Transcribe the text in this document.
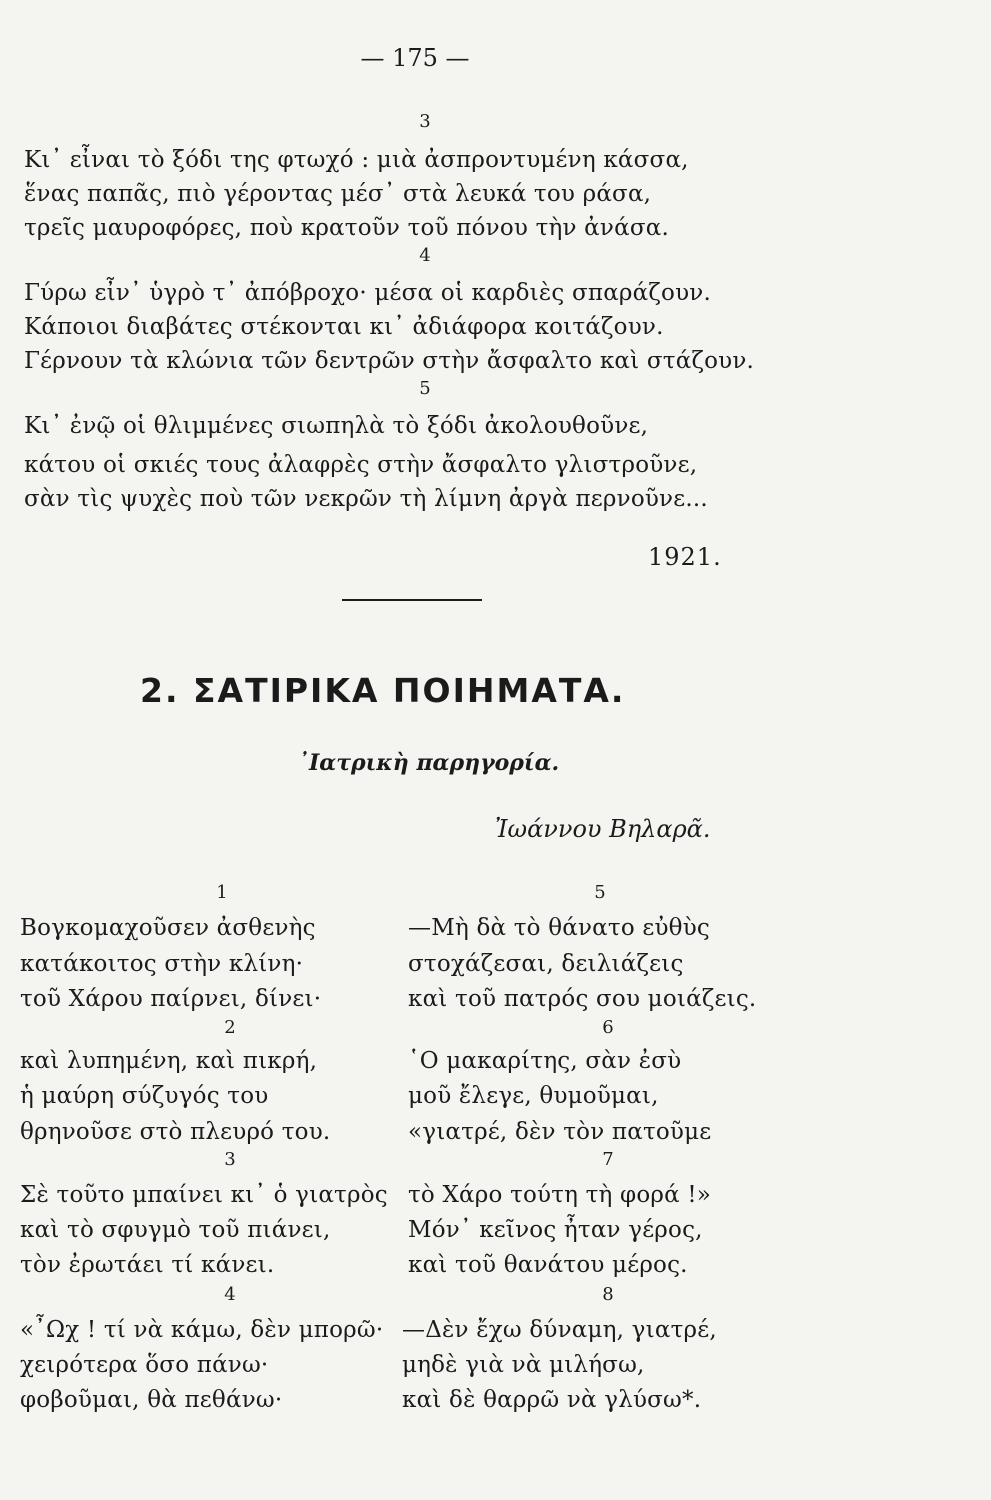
— 175 —
3
Κι᾿ εἶναι τὸ ξόδι της φτωχό : μιὰ ἀσπροντυμένη κάσσα,
ἕνας παπᾶς, πιὸ γέροντας μέσ᾿ στὰ λευκά του ράσα,
τρεῖς μαυροφόρες, ποὺ κρατοῦν τοῦ πόνου τὴν ἀνάσα.
4
Γύρω εἶν᾿ ὑγρὸ τ᾿ ἀπόβροχο· μέσα οἱ καρδιὲς σπαράζουν.
Κάποιοι διαβάτες στέκονται κι᾿ ἀδιάφορα κοιτάζουν.
Γέρνουν τὰ κλώνια τῶν δεντρῶν στὴν ἄσφαλτο καὶ στάζουν.
5
Κι᾿ ἐνῷ οἱ θλιμμένες σιωπηλὰ τὸ ξόδι ἀκολουθοῦνε,
κάτου οἱ σκιές τους ἀλαφρὲς στὴν ἄσφαλτο γλιστροῦνε,
σὰν τὶς ψυχὲς ποὺ τῶν νεκρῶν τὴ λίμνη ἀργὰ περνοῦνε...
1921.
2. ΣΑΤΙΡΙΚΑ ΠΟΙΗΜΑΤΑ.
᾿Ιατρικὴ παρηγορία.
Ἰωάννου Βηλαρᾶ.
1
Βογκομαχοῦσεν ἀσθενὴς
κατάκοιτος στὴν κλίνη·
τοῦ Χάρου παίρνει, δίνει·
2
καὶ λυπημένη, καὶ πικρή,
ἡ μαύρη σύζυγός του
θρηνοῦσε στὸ πλευρό του.
3
Σὲ τοῦτο μπαίνει κι᾿ ὁ γιατρὸς
καὶ τὸ σφυγμὸ τοῦ πιάνει,
τὸν ἐρωτάει τί κάνει.
4
«῏Ωχ ! τί νὰ κάμω, δὲν μπορῶ·
χειρότερα ὅσο πάνω·
φοβοῦμαι, θὰ πεθάνω·
5
—Μὴ δὰ τὸ θάνατο εὐθὺς
στοχάζεσαι, δειλιάζεις
καὶ τοῦ πατρός σου μοιάζεις.
6
῾Ο μακαρίτης, σὰν ἐσὺ
μοῦ ἔλεγε, θυμοῦμαι,
«γιατρέ, δὲν τὸν πατοῦμε
7
τὸ Χάρο τούτη τὴ φορά !»
Μόν᾿ κεῖνος ἦταν γέρος,
καὶ τοῦ θανάτου μέρος.
8
—Δὲν ἔχω δύναμη, γιατρέ,
μηδὲ γιὰ νὰ μιλήσω,
καὶ δὲ θαρρῶ νὰ γλύσω*.
